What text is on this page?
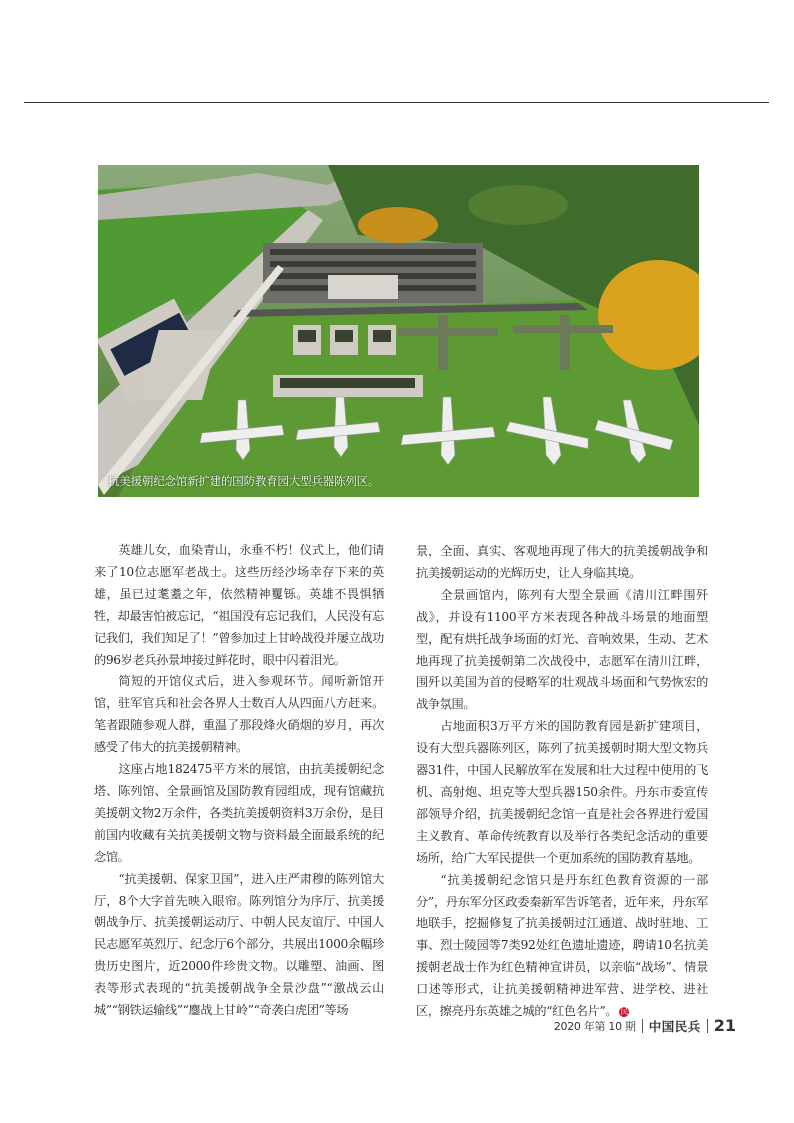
抗美援朝纪念馆新扩建的国防教育园大型兵器陈列区。

英雄儿女，血染青山，永垂不朽！仪式上，他们请来了10位志愿军老战士。这些历经沙场幸存下来的英雄，虽已过耄耋之年，依然精神矍铄。英雄不畏惧牺牲，却最害怕被忘记，“祖国没有忘记我们，人民没有忘记我们，我们知足了！”曾参加过上甘岭战役并屡立战功的96岁老兵孙景坤接过鲜花时，眼中闪着泪光。

简短的开馆仪式后，进入参观环节。闻听新馆开馆，驻军官兵和社会各界人士数百人从四面八方赶来。笔者跟随参观人群，重温了那段烽火硝烟的岁月，再次感受了伟大的抗美援朝精神。

这座占地182475平方米的展馆，由抗美援朝纪念塔、陈列馆、全景画馆及国防教育园组成，现有馆藏抗美援朝文物2万余件，各类抗美援朝资料3万余份，是目前国内收藏有关抗美援朝文物与资料最全面最系统的纪念馆。

“抗美援朝、保家卫国”，进入庄严肃穆的陈列馆大厅，8个大字首先映入眼帘。陈列馆分为序厅、抗美援朝战争厅、抗美援朝运动厅、中朝人民友谊厅、中国人民志愿军英烈厅、纪念厅6个部分，共展出1000余幅珍贵历史图片，近2000件珍贵文物。以雕塑、油画、图表等形式表现的“抗美援朝战争全景沙盘”“激战云山城”“钢铁运输线”“鏖战上甘岭”“奇袭白虎团”等场

景，全面、真实、客观地再现了伟大的抗美援朝战争和抗美援朝运动的光辉历史，让人身临其境。

全景画馆内，陈列有大型全景画《清川江畔围歼战》，并设有1100平方米表现各种战斗场景的地面塑型，配有烘托战争场面的灯光、音响效果，生动、艺术地再现了抗美援朝第二次战役中，志愿军在清川江畔，围歼以美国为首的侵略军的壮观战斗场面和气势恢宏的战争氛围。

占地面积3万平方米的国防教育园是新扩建项目，设有大型兵器陈列区，陈列了抗美援朝时期大型文物兵器31件，中国人民解放军在发展和壮大过程中使用的飞机、高射炮、坦克等大型兵器150余件。丹东市委宣传部领导介绍，抗美援朝纪念馆一直是社会各界进行爱国主义教育、革命传统教育以及举行各类纪念活动的重要场所，给广大军民提供一个更加系统的国防教育基地。

“抗美援朝纪念馆只是丹东红色教育资源的一部分”，丹东军分区政委秦新军告诉笔者，近年来，丹东军地联手，挖掘修复了抗美援朝过江通道、战时驻地、工事、烈士陵园等7类92处红色遗址遗迹，聘请10名抗美援朝老战士作为红色精神宣讲员，以亲临“战场”、情景口述等形式，让抗美援朝精神进军营、进学校、进社区，擦亮丹东英雄之城的“红色名片”。 民

2020 年第 10 期 中国民兵 21
